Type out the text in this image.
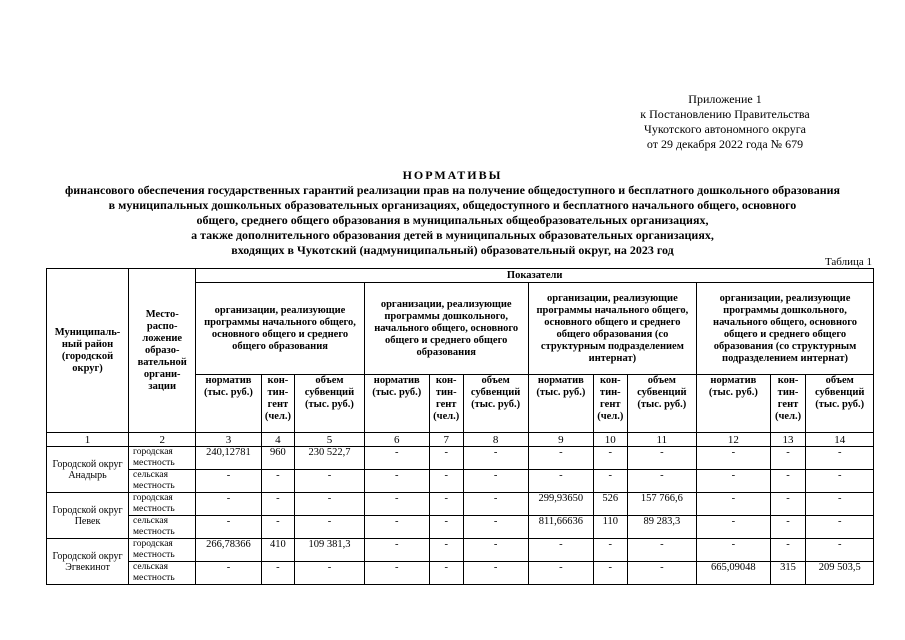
Приложение 1
к Постановлению Правительства
Чукотского автономного округа
от 29 декабря 2022 года № 679
НОРМАТИВЫ
финансового обеспечения государственных гарантий реализации прав на получение общедоступного и бесплатного дошкольного образования
в муниципальных дошкольных образовательных организациях, общедоступного и бесплатного начального общего, основного
общего, среднего общего образования в муниципальных общеобразовательных организациях,
а также дополнительного образования детей в муниципальных образовательных организациях,
входящих в Чукотский (надмуниципальный) образовательный округ, на 2023 год
Таблица 1
Муниципаль-ный район (городской округ)	Место-распо-ложение образо-вательной органи-зации	Показатели											
		организации, реализующие программы начального общего, основного общего и среднего общего образования			организации, реализующие программы дошкольного, начального общего, основного общего и среднего общего образования			организации, реализующие программы начального общего, основного общего и среднего общего образования (со структурным подразделением интернат)			организации, реализующие программы дошкольного, начального общего, основного общего и среднего общего образования (со структурным подразделением интернат)		
		норматив (тыс. руб.)	кон-тин-гент (чел.)	объем субвенций (тыс. руб.)	норматив (тыс. руб.)	кон-тин-гент (чел.)	объем субвенций (тыс. руб.)	норматив (тыс. руб.)	кон-тин-гент (чел.)	объем субвенций (тыс. руб.)	норматив (тыс. руб.)	кон-тин-гент (чел.)	объем субвенций (тыс. руб.)
1	2	3	4	5	6	7	8	9	10	11	12	13	14
Городской округ Анадырь	городская местность	240,12781	960	230 522,7	-	-	-	-	-	-	-	-	-
	сельская местность	-	-	-	-	-	-	-	-	-	-	-	-
Городской округ Певек	городская местность	-	-	-	-	-	-	299,93650	526	157 766,6	-	-	-
	сельская местность	-	-	-	-	-	-	811,66636	110	89 283,3	-	-	-
Городской округ Эгвекинот	городская местность	266,78366	410	109 381,3	-	-	-	-	-	-	-	-	-
	сельская местность	-	-	-	-	-	-	-	-	-	665,09048	315	209 503,5
